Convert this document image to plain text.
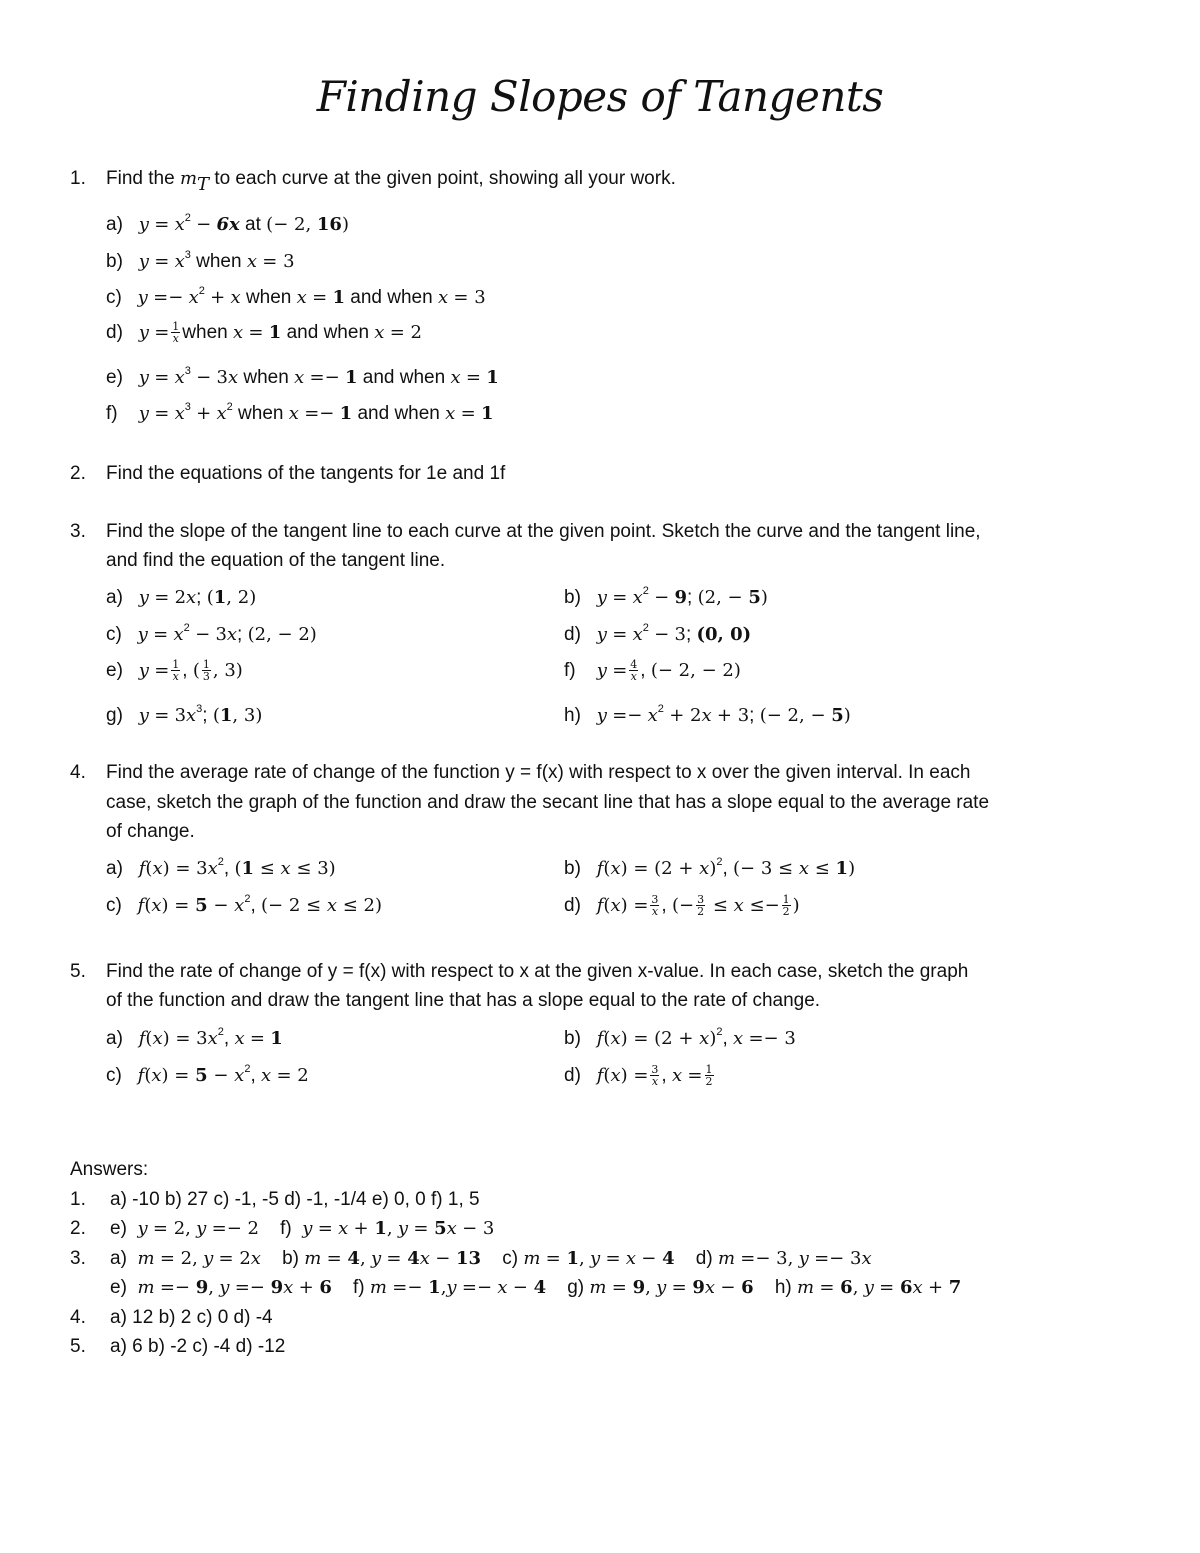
Finding Slopes of Tangents
1. Find the $m_T$ to each curve at the given point, showing all your work.
a)   $y = x^2 - 6x$ at (− 2, 16)
b)   $y = x^3$ when x = 3
c)   $y =- x^2 + x$ when x = 1 and when x = 3
d)   $y = \frac{1}{x}$ when x = 1 and when x = 2
e)   $y = x^3 - 3x$ when x =− 1 and when x = 1
f)    $y = x^3 + x^2$ when x =− 1 and when x = 1
2. Find the equations of the tangents for 1e and 1f
3. Find the slope of the tangent line to each curve at the given point. Sketch the curve and the tangent line,
and find the equation of the tangent line.
a)   y = 2x; (1, 2)	b)   $y = x^2 - 9$; (2, − 5)
c)   $y = x^2 - 3x$; (2, − 2)	d)   $y = x^2 - 3$; (0, 0)
e)   $y = \frac{1}{x}$ , ( $\frac{1}{3}$ , 3)	f)    $y = \frac{4}{x}$ , (− 2, − 2)
g)   $y = 3x^3$; (1, 3)	h)   $y =- x^2 + 2x + 3$; (− 2, − 5)
4. Find the average rate of change of the function y = f(x) with respect to x over the given interval. In each
case, sketch the graph of the function and draw the secant line that has a slope equal to the average rate
of change.
a)   $f(x) = 3x^2$, (1 ≤ x ≤ 3)	b)   $f(x) = (2 + x)^2$, (− 3 ≤ x ≤ 1)
c)   $f(x) = 5 - x^2$, (− 2 ≤ x ≤ 2)	d)   $f(x) = \frac{3}{x}$ , (− $\frac{3}{2} \le x \le- \frac{1}{2}$ )
5. Find the rate of change of y = f(x) with respect to x at the given x-value. In each case, sketch the graph
of the function and draw the tangent line that has a slope equal to the rate of change.
a)   $f(x) = 3x^2$, x = 1	b)   $f(x) = (2 + x)^2$, x =− 3
c)   $f(x) = 5 - x^2$, x = 2	d)   $f(x) = \frac{3}{x}$ , $x = \frac{1}{2}$
Answers:
1. a) -10 b) 27 c) -1, -5 d) -1, -1/4 e) 0, 0 f) 1, 5
2. e)  y = 2, y =− 2    f)  y = x + 1, y = 5x − 3
3. a)  m = 2, y = 2x    b) m = 4, y = 4x − 13    c) m = 1, y = x − 4    d) m =− 3, y =− 3x
e)  m =− 9, y =− 9x + 6    f) m =− 1,y =− x − 4    g) m = 9, y = 9x − 6    h) m = 6, y = 6x + 7
4. a) 12 b) 2 c) 0 d) -4
5. a) 6 b) -2 c) -4 d) -12
